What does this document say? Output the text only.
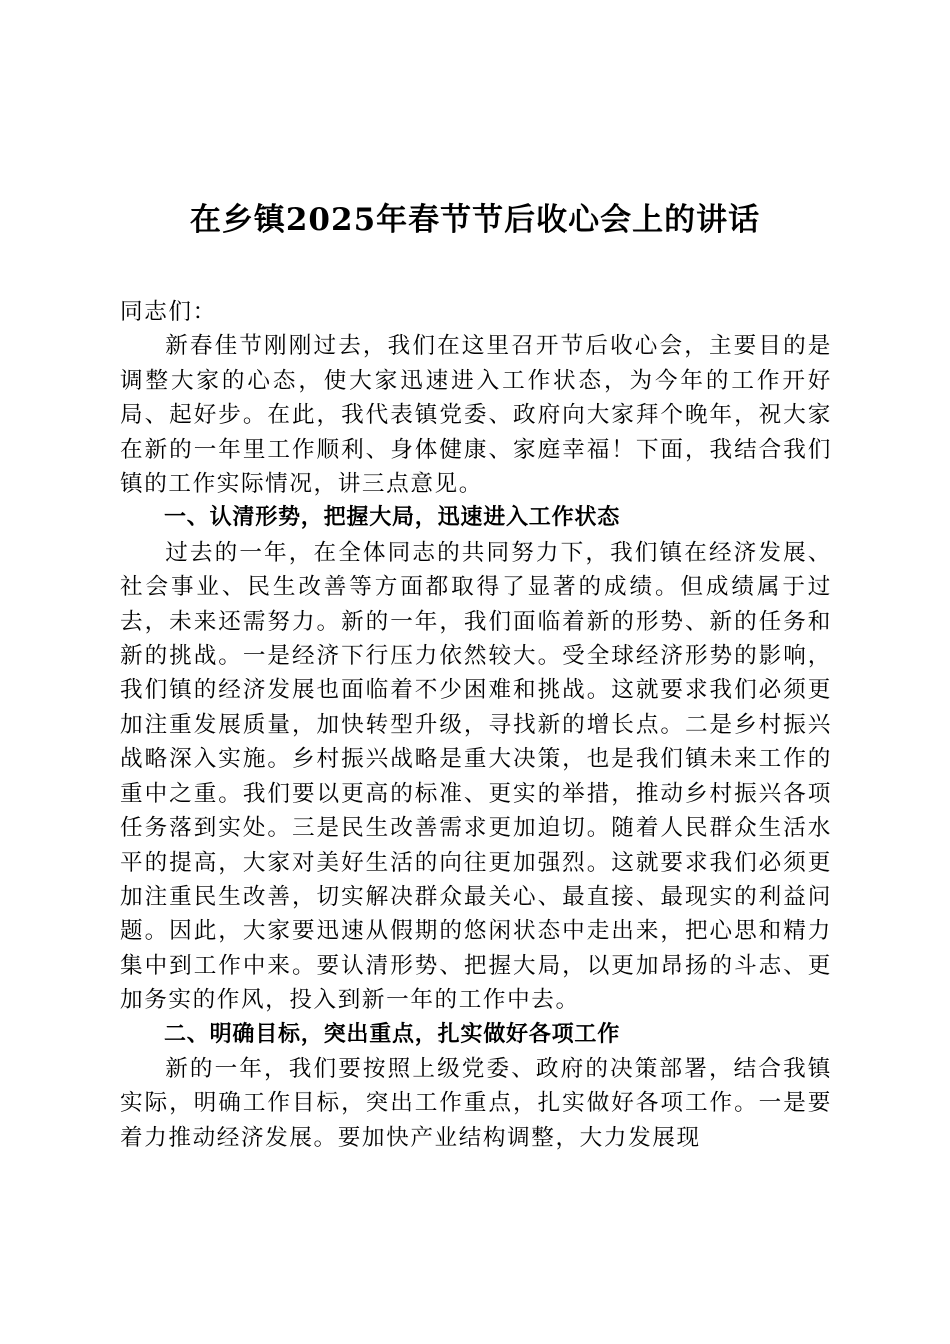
在乡镇2025年春节节后收心会上的讲话

同志们：

新春佳节刚刚过去，我们在这里召开节后收心会，主要目的是调整大家的心态，使大家迅速进入工作状态，为今年的工作开好局、起好步。在此，我代表镇党委、政府向大家拜个晚年，祝大家在新的一年里工作顺利、身体健康、家庭幸福！下面，我结合我们镇的工作实际情况，讲三点意见。

一、认清形势，把握大局，迅速进入工作状态

过去的一年，在全体同志的共同努力下，我们镇在经济发展、社会事业、民生改善等方面都取得了显著的成绩。但成绩属于过去，未来还需努力。新的一年，我们面临着新的形势、新的任务和新的挑战。一是经济下行压力依然较大。受全球经济形势的影响，我们镇的经济发展也面临着不少困难和挑战。这就要求我们必须更加注重发展质量，加快转型升级，寻找新的增长点。二是乡村振兴战略深入实施。乡村振兴战略是重大决策，也是我们镇未来工作的重中之重。我们要以更高的标准、更实的举措，推动乡村振兴各项任务落到实处。三是民生改善需求更加迫切。随着人民群众生活水平的提高，大家对美好生活的向往更加强烈。这就要求我们必须更加注重民生改善，切实解决群众最关心、最直接、最现实的利益问题。因此，大家要迅速从假期的悠闲状态中走出来，把心思和精力集中到工作中来。要认清形势、把握大局，以更加昂扬的斗志、更加务实的作风，投入到新一年的工作中去。

二、明确目标，突出重点，扎实做好各项工作

新的一年，我们要按照上级党委、政府的决策部署，结合我镇实际，明确工作目标，突出工作重点，扎实做好各项工作。一是要着力推动经济发展。要加快产业结构调整，大力发展现
